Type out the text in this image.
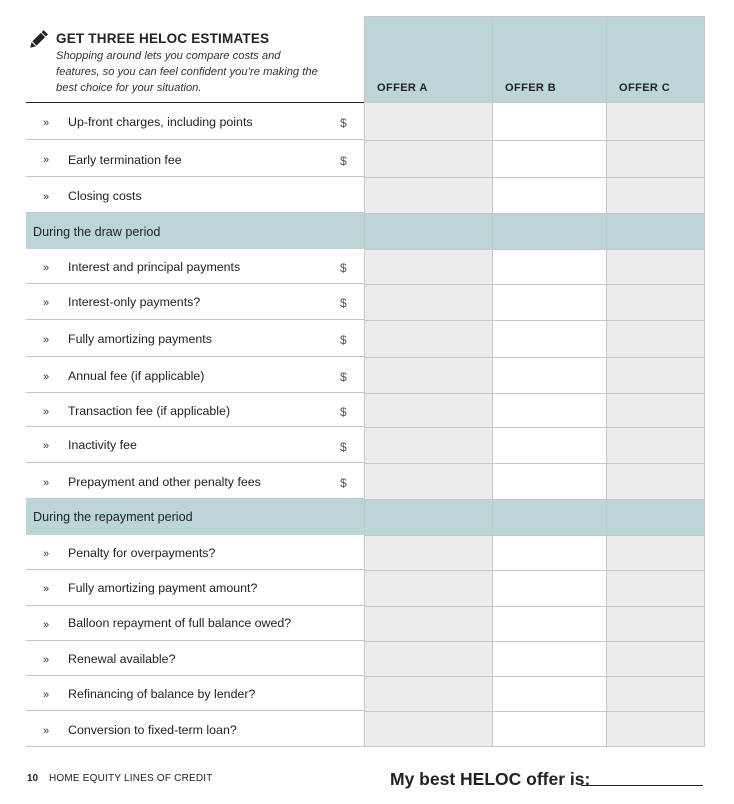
GET THREE HELOC ESTIMATES
Shopping around lets you compare costs and
features, so you can feel confident you’re making the
best choice for your situation.	OFFER A	OFFER B	OFFER C
» Up-front charges, including points	$
» Early termination fee	$
» Closing costs
During the draw period
» Interest and principal payments	$
» Interest-only payments?	$
» Fully amortizing payments	$
» Annual fee (if applicable)	$
» Transaction fee (if applicable)	$
» Inactivity fee	$
» Prepayment and other penalty fees	$
During the repayment period
» Penalty for overpayments?
» Fully amortizing payment amount?
» Balloon repayment of full balance owed?
» Renewal available?
» Refinancing of balance by lender?
» Conversion to fixed-term loan?
10 HOME EQUITY LINES OF CREDIT	My best HELOC offer is:
